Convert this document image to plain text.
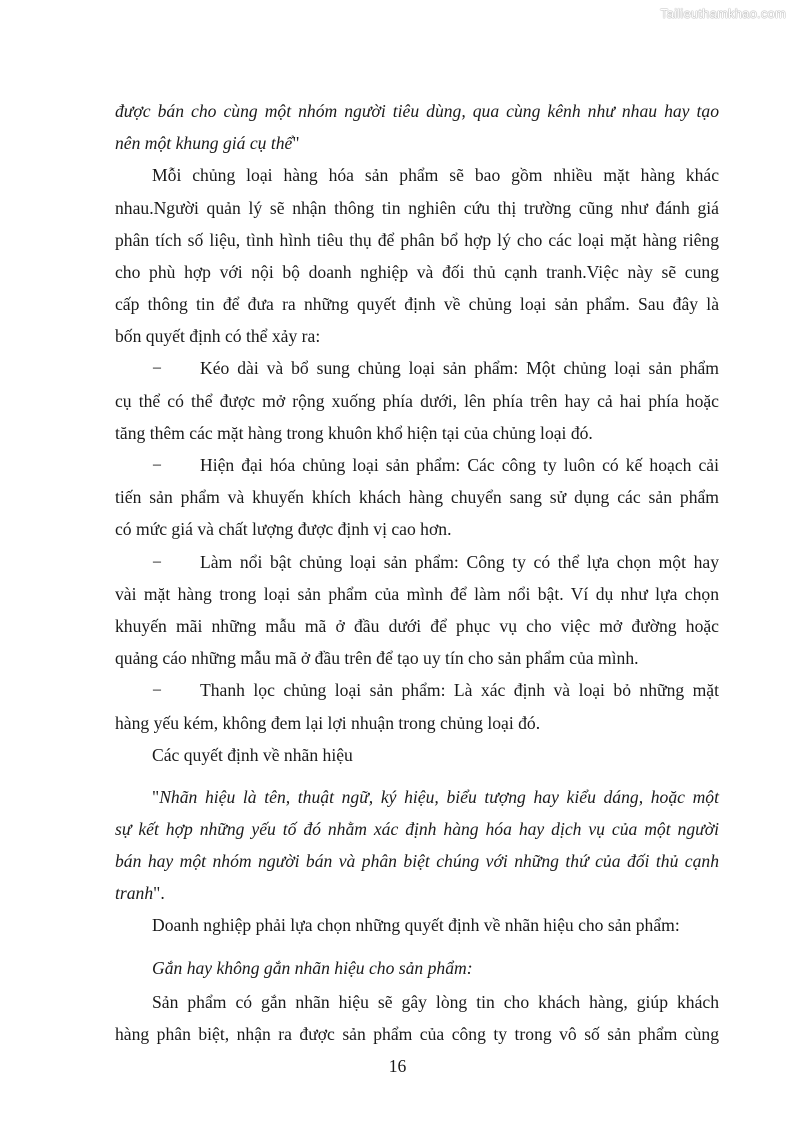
Tailieuthamkhao.com
được bán cho cùng một nhóm người tiêu dùng, qua cùng kênh như nhau hay tạo
nên một khung giá cụ thể"
Mỗi chủng loại hàng hóa sản phẩm sẽ bao gồm nhiều mặt hàng khác
nhau.Người quản lý sẽ nhận thông tin nghiên cứu thị trường cũng như đánh giá
phân tích số liệu, tình hình tiêu thụ để phân bổ hợp lý cho các loại mặt hàng riêng
cho phù hợp với nội bộ doanh nghiệp và đối thủ cạnh tranh.Việc này sẽ cung
cấp thông tin để đưa ra những quyết định về chủng loại sản phẩm. Sau đây là
bốn quyết định có thể xảy ra:
−	Kéo dài và bổ sung chủng loại sản phẩm: Một chủng loại sản phẩm
cụ thể có thể được mở rộng xuống phía dưới, lên phía trên hay cả hai phía hoặc
tăng thêm các mặt hàng trong khuôn khổ hiện tại của chủng loại đó.
−	Hiện đại hóa chủng loại sản phẩm: Các công ty luôn có kế hoạch cải
tiến sản phẩm và khuyến khích khách hàng chuyển sang sử dụng các sản phẩm
có mức giá và chất lượng được định vị cao hơn.
−	Làm nổi bật chủng loại sản phẩm: Công ty có thể lựa chọn một hay
vài mặt hàng trong loại sản phẩm của mình để làm nổi bật. Ví dụ như lựa chọn
khuyến mãi những mẫu mã ở đầu dưới để phục vụ cho việc mở đường hoặc
quảng cáo những mẫu mã ở đầu trên để tạo uy tín cho sản phẩm của mình.
−	Thanh lọc chủng loại sản phẩm: Là xác định và loại bỏ những mặt
hàng yếu kém, không đem lại lợi nhuận trong chủng loại đó.
Các quyết định về nhãn hiệu
"Nhãn hiệu là tên, thuật ngữ, ký hiệu, biểu tượng hay kiểu dáng, hoặc một
sự kết hợp những yếu tố đó nhằm xác định hàng hóa hay dịch vụ của một người
bán hay một nhóm người bán và phân biệt chúng với những thứ của đối thủ cạnh
tranh".
Doanh nghiệp phải lựa chọn những quyết định về nhãn hiệu cho sản phẩm:
Gắn hay không gắn nhãn hiệu cho sản phẩm:
Sản phẩm có gắn nhãn hiệu sẽ gây lòng tin cho khách hàng, giúp khách
hàng phân biệt, nhận ra được sản phẩm của công ty trong vô số sản phẩm cùng
16
